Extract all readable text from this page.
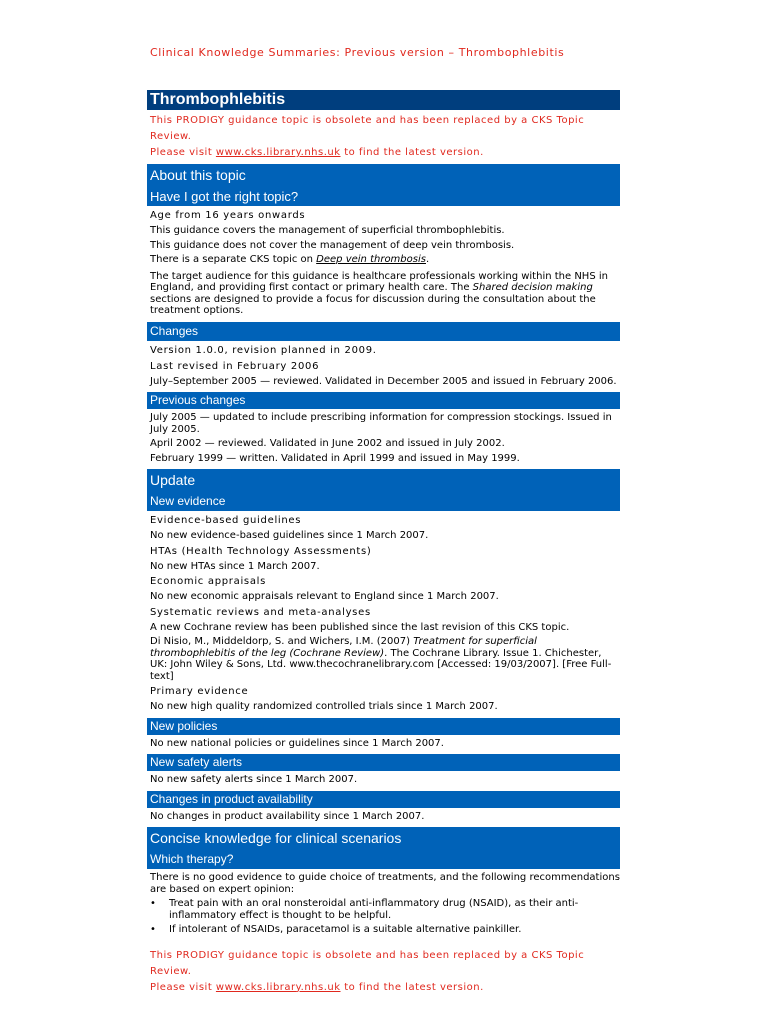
Clinical Knowledge Summaries: Previous version – Thrombophlebitis
Thrombophlebitis
This PRODIGY guidance topic is obsolete and has been replaced by a CKS Topic Review.
Please visit www.cks.library.nhs.uk to find the latest version.
About this topic
Have I got the right topic?
Age from 16 years onwards
This guidance covers the management of superficial thrombophlebitis.
This guidance does not cover the management of deep vein thrombosis.
There is a separate CKS topic on Deep vein thrombosis.
The target audience for this guidance is healthcare professionals working within the NHS in England, and providing first contact or primary health care. The Shared decision making sections are designed to provide a focus for discussion during the consultation about the treatment options.
Changes
Version 1.0.0, revision planned in 2009.
Last revised in February 2006
July–September 2005 — reviewed. Validated in December 2005 and issued in February 2006.
Previous changes
July 2005 — updated to include prescribing information for compression stockings. Issued in July 2005.
April 2002 — reviewed. Validated in June 2002 and issued in July 2002.
February 1999 — written. Validated in April 1999 and issued in May 1999.
Update
New evidence
Evidence-based guidelines
No new evidence-based guidelines since 1 March 2007.
HTAs (Health Technology Assessments)
No new HTAs since 1 March 2007.
Economic appraisals
No new economic appraisals relevant to England since 1 March 2007.
Systematic reviews and meta-analyses
A new Cochrane review has been published since the last revision of this CKS topic.
Di Nisio, M., Middeldorp, S. and Wichers, I.M. (2007) Treatment for superficial thrombophlebitis of the leg (Cochrane Review). The Cochrane Library. Issue 1. Chichester, UK: John Wiley & Sons, Ltd. www.thecochranelibrary.com [Accessed: 19/03/2007]. [Free Full-text]
Primary evidence
No new high quality randomized controlled trials since 1 March 2007.
New policies
No new national policies or guidelines since 1 March 2007.
New safety alerts
No new safety alerts since 1 March 2007.
Changes in product availability
No changes in product availability since 1 March 2007.
Concise knowledge for clinical scenarios
Which therapy?
There is no good evidence to guide choice of treatments, and the following recommendations are based on expert opinion:
• Treat pain with an oral nonsteroidal anti-inflammatory drug (NSAID), as their anti-inflammatory effect is thought to be helpful.
• If intolerant of NSAIDs, paracetamol is a suitable alternative painkiller.
This PRODIGY guidance topic is obsolete and has been replaced by a CKS Topic Review.
Please visit www.cks.library.nhs.uk to find the latest version.
